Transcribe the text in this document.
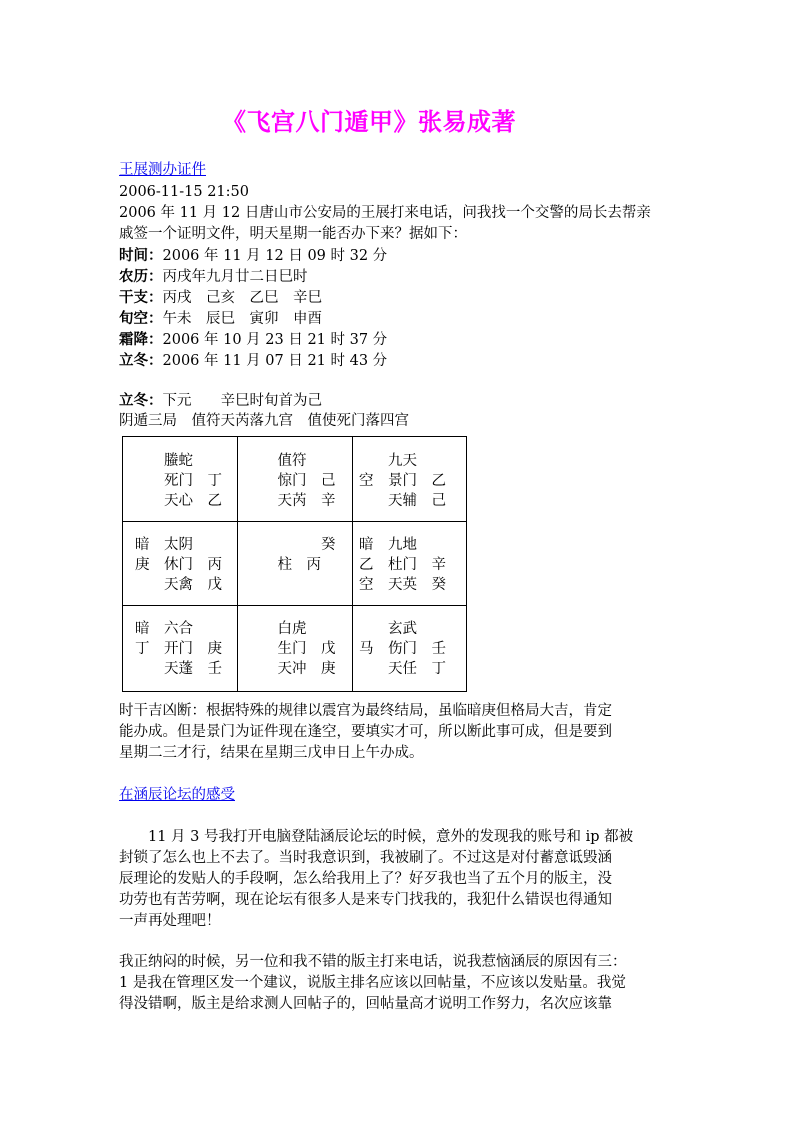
《飞宫八门遁甲》张易成著
王展测办证件
2006-11-15 21:50
2006 年 11 月 12 日唐山市公安局的王展打来电话，问我找一个交警的局长去帮亲
戚签一个证明文件，明天星期一能否办下来？据如下：
时间：2006 年 11 月 12 日 09 时 32 分
农历：丙戌年九月廿二日巳时
干支：丙戌　己亥　乙巳　辛巳
旬空：午未　辰巳　寅卯　申酉
霜降：2006 年 10 月 23 日 21 时 37 分
立冬：2006 年 11 月 07 日 21 时 43 分
立冬：下元　　辛巳时旬首为己
阴遁三局　值符天芮落九宫　值使死门落四宫
　　螣蛇　
　　死门　丁
　　天心　乙
　值符　
　惊门　己
　天芮　辛
　　九天　
空　景门　乙
　　天辅　己
暗　太阴　
庚　休门　丙
　　天禽　戊
　　　　癸
　柱　丙
暗　九地　
乙　杜门　辛
空　天英　癸
暗　六合　
丁　开门　庚
　　天蓬　壬
　白虎　
　生门　戊
　天冲　庚
　　玄武　
马　伤门　壬
　　天任　丁
时干吉凶断：根据特殊的规律以震宫为最终结局，虽临暗庚但格局大吉，肯定
能办成。但是景门为证件现在逢空，要填实才可，所以断此事可成，但是要到
星期二三才行，结果在星期三戊申日上午办成。
在涵辰论坛的感受
　　11 月 3 号我打开电脑登陆涵辰论坛的时候，意外的发现我的账号和 ip 都被
封锁了怎么也上不去了。当时我意识到，我被刷了。不过这是对付蓄意诋毁涵
辰理论的发贴人的手段啊，怎么给我用上了？好歹我也当了五个月的版主，没
功劳也有苦劳啊，现在论坛有很多人是来专门找我的，我犯什么错误也得通知
一声再处理吧！
我正纳闷的时候，另一位和我不错的版主打来电话，说我惹恼涵辰的原因有三：
1 是我在管理区发一个建议，说版主排名应该以回帖量，不应该以发贴量。我觉
得没错啊，版主是给求测人回帖子的，回帖量高才说明工作努力，名次应该靠
